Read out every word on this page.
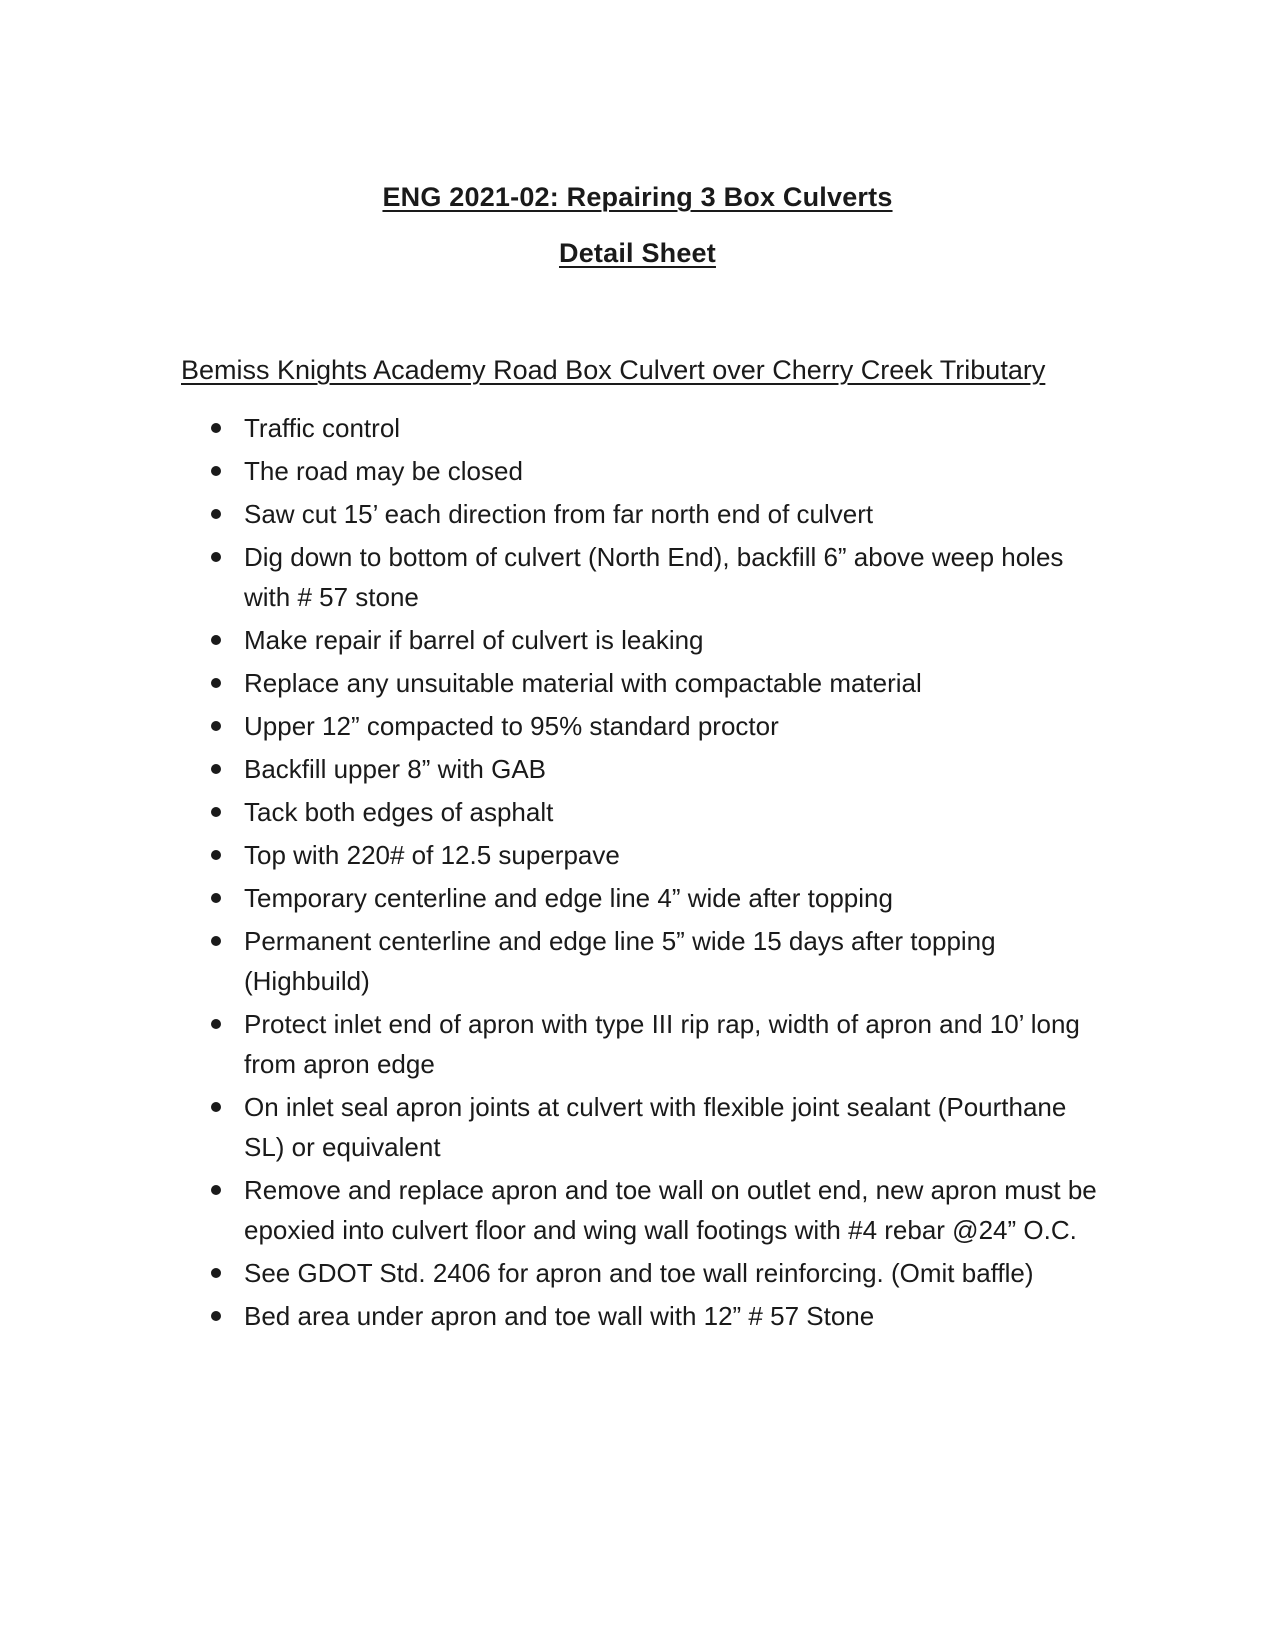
ENG 2021-02: Repairing 3 Box Culverts
Detail Sheet
Bemiss Knights Academy Road Box Culvert over Cherry Creek Tributary
Traffic control
The road may be closed
Saw cut 15’ each direction from far north end of culvert
Dig down to bottom of culvert (North End), backfill 6” above weep holes with # 57 stone
Make repair if barrel of culvert is leaking
Replace any unsuitable material with compactable material
Upper 12” compacted to 95% standard proctor
Backfill upper 8” with GAB
Tack both edges of asphalt
Top with 220# of 12.5 superpave
Temporary centerline and edge line 4” wide after topping
Permanent centerline and edge line 5” wide 15 days after topping (Highbuild)
Protect inlet end of apron with type III rip rap, width of apron and 10’ long from apron edge
On inlet seal apron joints at culvert with flexible joint sealant (Pourthane SL) or equivalent
Remove and replace apron and toe wall on outlet end, new apron must be epoxied into culvert floor and wing wall footings with #4 rebar @24” O.C.
See GDOT Std. 2406 for apron and toe wall reinforcing. (Omit baffle)
Bed area under apron and toe wall with 12” # 57 Stone
